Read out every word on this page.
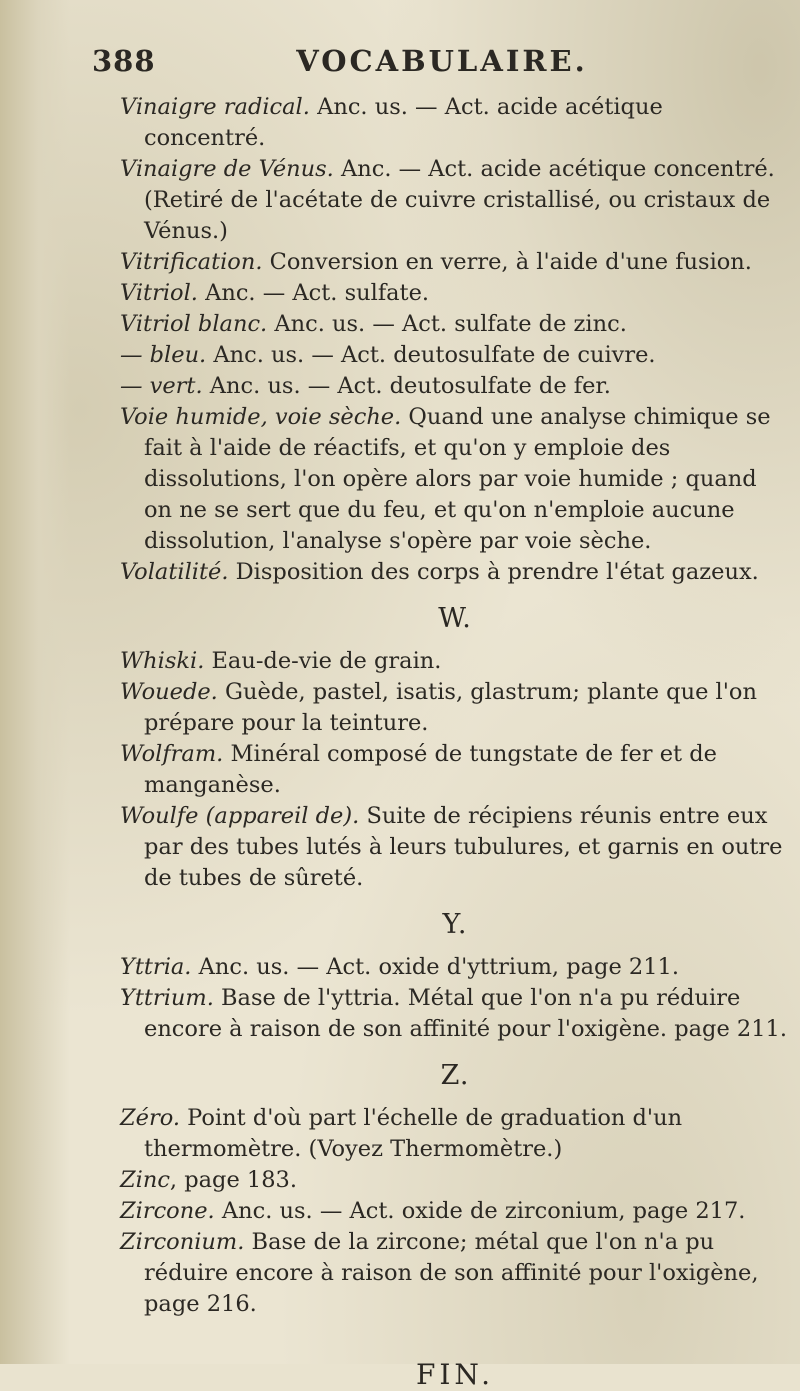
388	VOCABULAIRE.

Vinaigre radical. Anc. us. — Act. acide acétique concentré.

Vinaigre de Vénus. Anc. — Act. acide acétique concentré. (Retiré de l'acétate de cuivre cristallisé, ou cristaux de Vénus.)

Vitrification. Conversion en verre, à l'aide d'une fusion.

Vitriol. Anc. — Act. sulfate.

Vitriol blanc. Anc. us. — Act. sulfate de zinc.

— bleu. Anc. us. — Act. deutosulfate de cuivre.

— vert. Anc. us. — Act. deutosulfate de fer.

Voie humide, voie sèche. Quand une analyse chimique se fait à l'aide de réactifs, et qu'on y emploie des dissolutions, l'on opère alors par voie humide ; quand on ne se sert que du feu, et qu'on n'emploie aucune dissolution, l'analyse s'opère par voie sèche.

Volatilité. Disposition des corps à prendre l'état gazeux.

W.

Whiski. Eau-de-vie de grain.

Wouede. Guède, pastel, isatis, glastrum; plante que l'on prépare pour la teinture.

Wolfram. Minéral composé de tungstate de fer et de manganèse.

Woulfe (appareil de). Suite de récipiens réunis entre eux par des tubes lutés à leurs tubulures, et garnis en outre de tubes de sûreté.

Y.

Yttria. Anc. us. — Act. oxide d'yttrium, page 211.

Yttrium. Base de l'yttria. Métal que l'on n'a pu réduire encore à raison de son affinité pour l'oxigène. page 211.

Z.

Zéro. Point d'où part l'échelle de graduation d'un thermomètre. (Voyez Thermomètre.)

Zinc, page 183.

Zircone. Anc. us. — Act. oxide de zirconium, page 217.

Zirconium. Base de la zircone; métal que l'on n'a pu réduire encore à raison de son affinité pour l'oxigène, page 216.

FIN.
